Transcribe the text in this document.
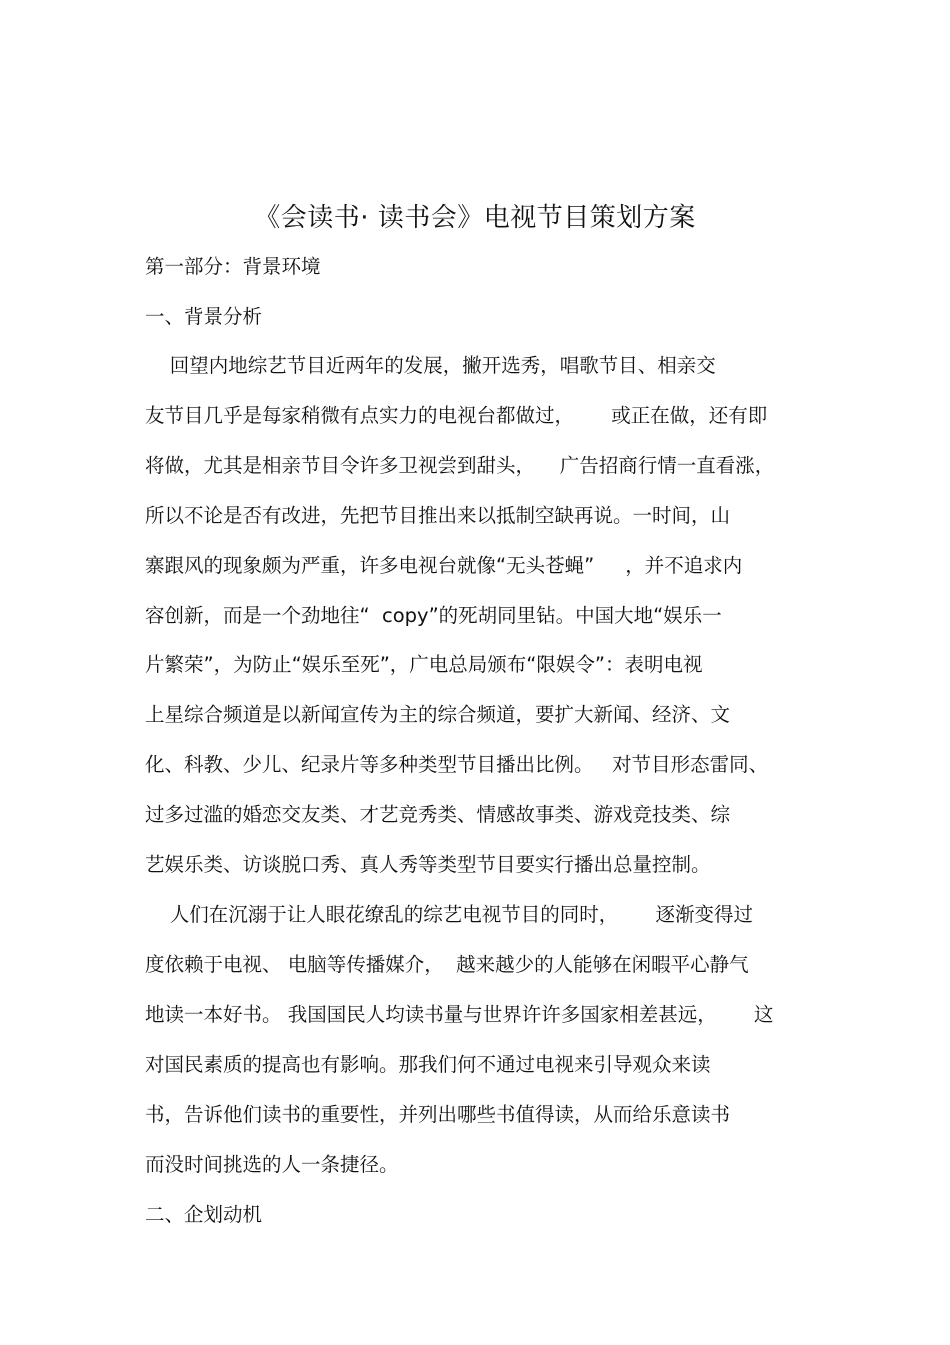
《会读书· 读书会》电视节目策划方案

第一部分：背景环境

一、背景分析

回望内地综艺节目近两年的发展，撇开选秀，唱歌节目、相亲交

友节目几乎是每家稍微有点实力的电视台都做过，      或正在做，还有即

将做，尤其是相亲节目令许多卫视尝到甜头，    广告招商行情一直看涨，

所以不论是否有改进，先把节目推出来以抵制空缺再说。一时间，山

寨跟风的现象颇为严重，许多电视台就像“无头苍蝇”     ，并不追求内

容创新，而是一个劲地往“  copy”的死胡同里钻。中国大地“娱乐一

片繁荣”，为防止“娱乐至死”，广电总局颁布“限娱令”：表明电视

上星综合频道是以新闻宣传为主的综合频道，要扩大新闻、经济、文

化、科教、少儿、纪录片等多种类型节目播出比例。   对节目形态雷同、

过多过滥的婚恋交友类、才艺竞秀类、情感故事类、游戏竞技类、综

艺娱乐类、访谈脱口秀、真人秀等类型节目要实行播出总量控制。

人们在沉溺于让人眼花缭乱的综艺电视节目的同时，      逐渐变得过

度依赖于电视、 电脑等传播媒介，  越来越少的人能够在闲暇平心静气

地读一本好书。 我国国民人均读书量与世界许许多国家相差甚远，      这

对国民素质的提高也有影响。那我们何不通过电视来引导观众来读

书，告诉他们读书的重要性，并列出哪些书值得读，从而给乐意读书

而没时间挑选的人一条捷径。

二、企划动机
